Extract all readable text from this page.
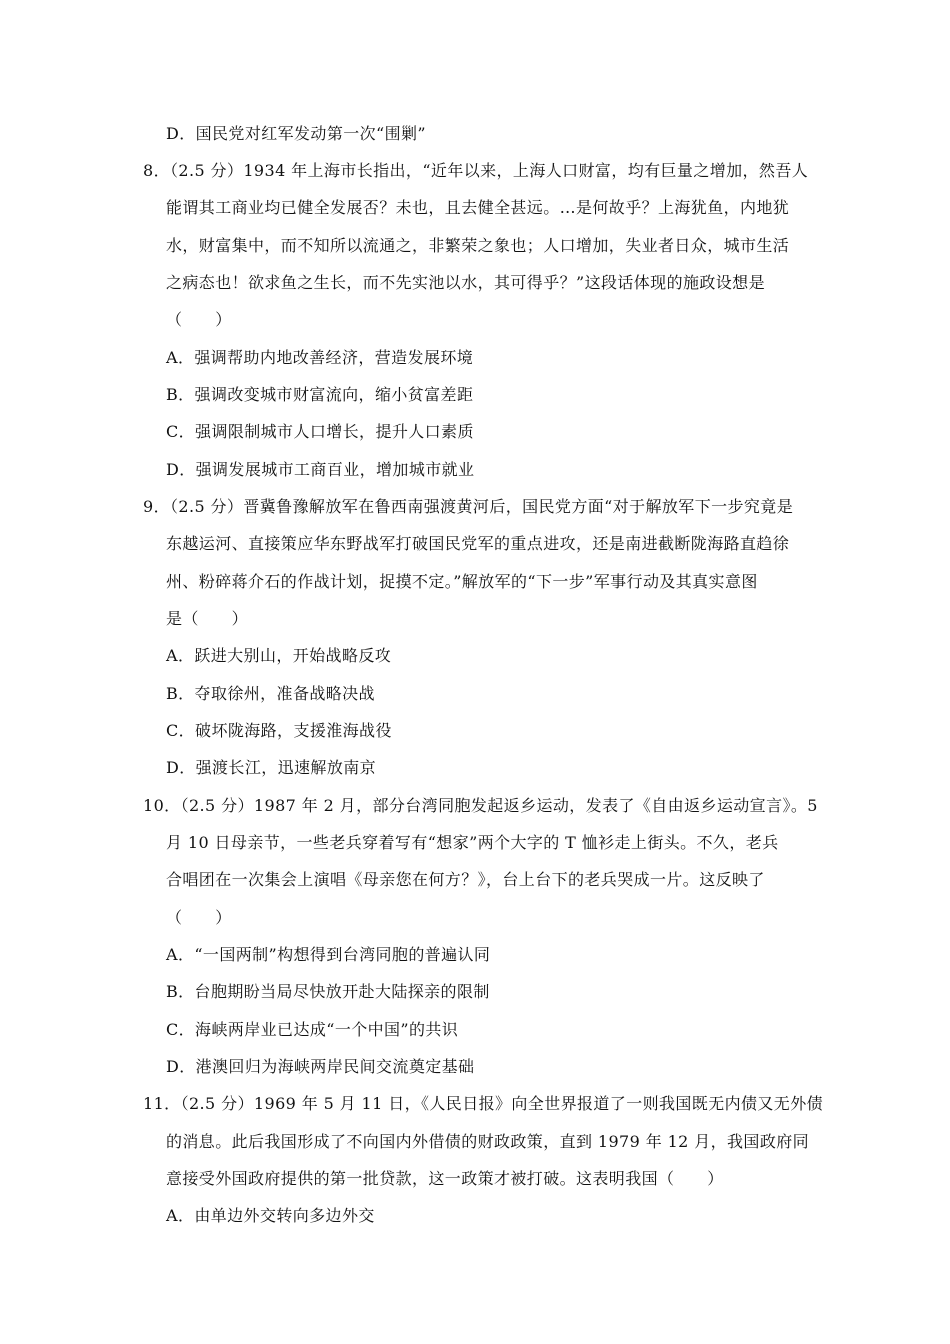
D．国民党对红军发动第一次“围剿”
8．（2.5 分）1934 年上海市长指出，“近年以来，上海人口财富，均有巨量之增加，然吾人
能谓其工商业均已健全发展否？未也，且去健全甚远。…是何故乎？上海犹鱼，内地犹
水，财富集中，而不知所以流通之，非繁荣之象也；人口增加，失业者日众，城市生活
之病态也！欲求鱼之生长，而不先实池以水，其可得乎？”这段话体现的施政设想是
（　　）
A．强调帮助内地改善经济，营造发展环境
B．强调改变城市财富流向，缩小贫富差距
C．强调限制城市人口增长，提升人口素质
D．强调发展城市工商百业，增加城市就业
9．（2.5 分）晋冀鲁豫解放军在鲁西南强渡黄河后，国民党方面“对于解放军下一步究竟是
东越运河、直接策应华东野战军打破国民党军的重点进攻，还是南进截断陇海路直趋徐
州、粉碎蒋介石的作战计划，捉摸不定。”解放军的“下一步”军事行动及其真实意图
是（　　）
A．跃进大别山，开始战略反攻
B．夺取徐州，准备战略决战
C．破坏陇海路，支援淮海战役
D．强渡长江，迅速解放南京
10．（2.5 分）1987 年 2 月，部分台湾同胞发起返乡运动，发表了《自由返乡运动宣言》。5
月 10 日母亲节，一些老兵穿着写有“想家”两个大字的 T 恤衫走上街头。不久，老兵
合唱团在一次集会上演唱《母亲您在何方？》，台上台下的老兵哭成一片。这反映了
（　　）
A．“一国两制”构想得到台湾同胞的普遍认同
B．台胞期盼当局尽快放开赴大陆探亲的限制
C．海峡两岸业已达成“一个中国”的共识
D．港澳回归为海峡两岸民间交流奠定基础
11．（2.5 分）1969 年 5 月 11 日，《人民日报》向全世界报道了一则我国既无内债又无外债
的消息。此后我国形成了不向国内外借债的财政政策，直到 1979 年 12 月，我国政府同
意接受外国政府提供的第一批贷款，这一政策才被打破。这表明我国（　　）
A．由单边外交转向多边外交
